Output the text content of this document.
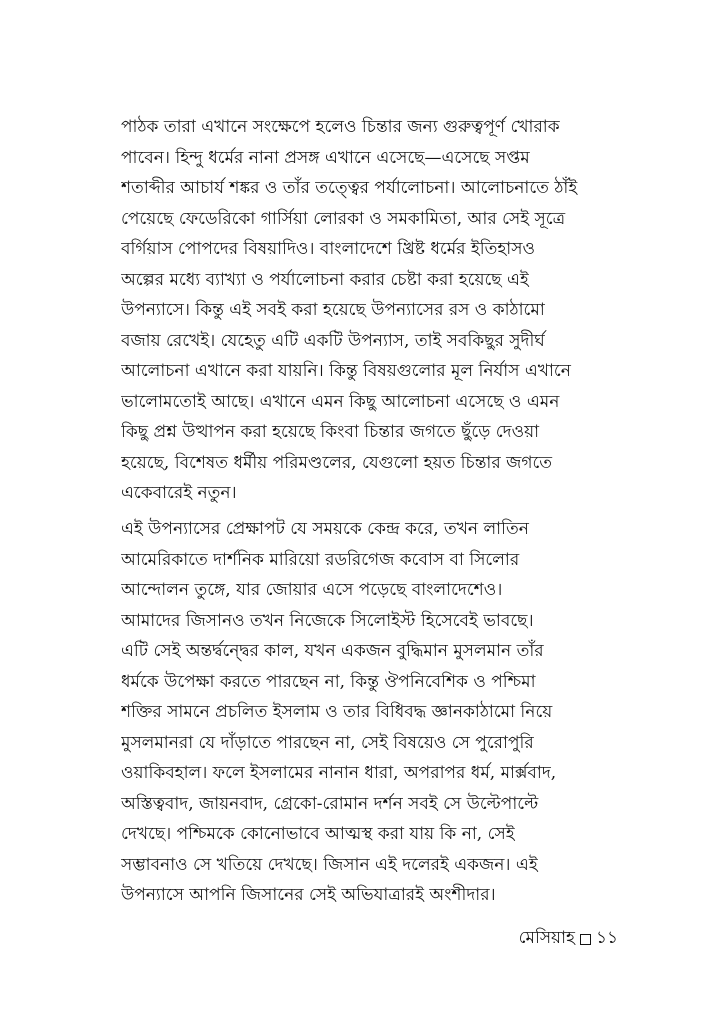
পাঠক তারা এখানে সংক্ষেপে হলেও চিন্তার জন্য গুরুত্বপূর্ণ খোরাক
পাবেন। হিন্দু ধর্মের নানা প্রসঙ্গ এখানে এসেছে—এসেছে সপ্তম
শতাব্দীর আচার্য শঙ্কর ও তাঁর তত্ত্বের পর্যালোচনা। আলোচনাতে ঠাঁই
পেয়েছে ফেডেরিকো গার্সিয়া লোরকা ও সমকামিতা, আর সেই সূত্রে
বর্গিয়াস পোপদের বিষয়াদিও। বাংলাদেশে খ্রিষ্ট ধর্মের ইতিহাসও
অল্পের মধ্যে ব্যাখ্যা ও পর্যালোচনা করার চেষ্টা করা হয়েছে এই
উপন্যাসে। কিন্তু এই সবই করা হয়েছে উপন্যাসের রস ও কাঠামো
বজায় রেখেই। যেহেতু এটি একটি উপন্যাস, তাই সবকিছুর সুদীর্ঘ
আলোচনা এখানে করা যায়নি। কিন্তু বিষয়গুলোর মূল নির্যাস এখানে
ভালোমতোই আছে। এখানে এমন কিছু আলোচনা এসেছে ও এমন
কিছু প্রশ্ন উত্থাপন করা হয়েছে কিংবা চিন্তার জগতে ছুঁড়ে দেওয়া
হয়েছে, বিশেষত ধর্মীয় পরিমণ্ডলের, যেগুলো হয়ত চিন্তার জগতে
একেবারেই নতুন।
এই উপন্যাসের প্রেক্ষাপট যে সময়কে কেন্দ্র করে, তখন লাতিন
আমেরিকাতে দার্শনিক মারিয়ো রডরিগেজ কবোস বা সিলোর
আন্দোলন তুঙ্গে, যার জোয়ার এসে পড়েছে বাংলাদেশেও।
আমাদের জিসানও তখন নিজেকে সিলোইস্ট হিসেবেই ভাবছে।
এটি সেই অন্তর্দ্বন্দ্বের কাল, যখন একজন বুদ্ধিমান মুসলমান তাঁর
ধর্মকে উপেক্ষা করতে পারছেন না, কিন্তু ঔপনিবেশিক ও পশ্চিমা
শক্তির সামনে প্রচলিত ইসলাম ও তার বিধিবদ্ধ জ্ঞানকাঠামো নিয়ে
মুসলমানরা যে দাঁড়াতে পারছেন না, সেই বিষয়েও সে পুরোপুরি
ওয়াকিবহাল। ফলে ইসলামের নানান ধারা, অপরাপর ধর্ম, মার্ক্সবাদ,
অস্তিত্ববাদ, জায়নবাদ, গ্রেকো-রোমান দর্শন সবই সে উল্টেপাল্টে
দেখছে। পশ্চিমকে কোনোভাবে আত্মস্থ করা যায় কি না, সেই
সম্ভাবনাও সে খতিয়ে দেখছে। জিসান এই দলেরই একজন। এই
উপন্যাসে আপনি জিসানের সেই অভিযাত্রারই অংশীদার।
মেসিয়াহ ১১
